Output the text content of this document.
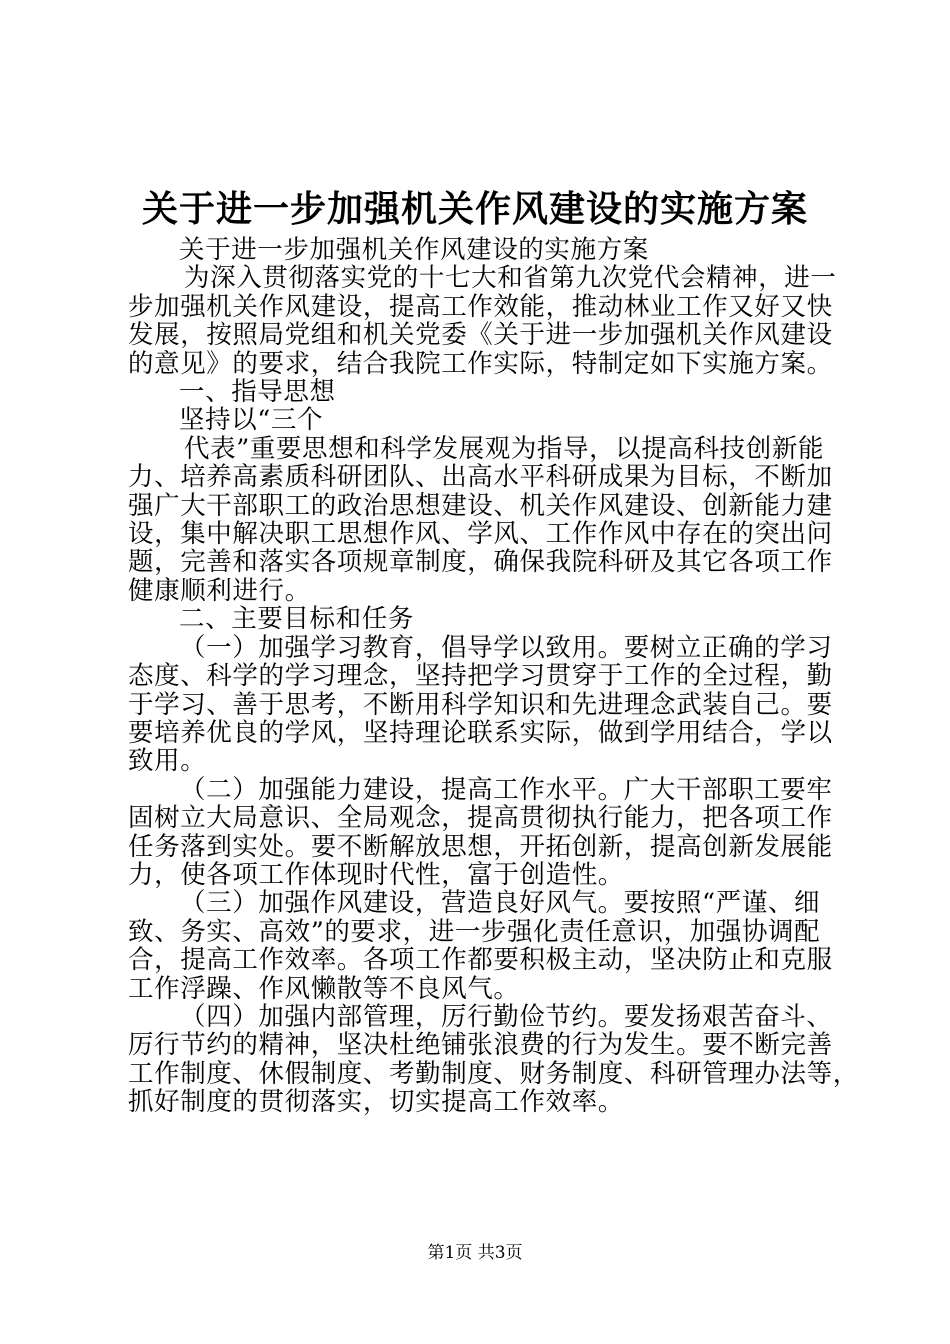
关于进一步加强机关作风建设的实施方案
关于进一步加强机关作风建设的实施方案
为深入贯彻落实党的十七大和省第九次党代会精神，进一
步加强机关作风建设，提高工作效能，推动林业工作又好又快
发展，按照局党组和机关党委《关于进一步加强机关作风建设
的意见》的要求，结合我院工作实际，特制定如下实施方案。
一、指导思想
坚持以“三个
代表”重要思想和科学发展观为指导，以提高科技创新能
力、培养高素质科研团队、出高水平科研成果为目标，不断加
强广大干部职工的政治思想建设、机关作风建设、创新能力建
设，集中解决职工思想作风、学风、工作作风中存在的突出问
题，完善和落实各项规章制度，确保我院科研及其它各项工作
健康顺利进行。
二、主要目标和任务
（一）加强学习教育，倡导学以致用。要树立正确的学习
态度、科学的学习理念，坚持把学习贯穿于工作的全过程，勤
于学习、善于思考，不断用科学知识和先进理念武装自己。要
要培养优良的学风，坚持理论联系实际，做到学用结合，学以
致用。
（二）加强能力建设，提高工作水平。广大干部职工要牢
固树立大局意识、全局观念，提高贯彻执行能力，把各项工作
任务落到实处。要不断解放思想，开拓创新，提高创新发展能
力，使各项工作体现时代性，富于创造性。
（三）加强作风建设，营造良好风气。要按照“严谨、细
致、务实、高效”的要求，进一步强化责任意识，加强协调配
合，提高工作效率。各项工作都要积极主动，坚决防止和克服
工作浮躁、作风懒散等不良风气。
（四）加强内部管理，厉行勤俭节约。要发扬艰苦奋斗、
厉行节约的精神，坚决杜绝铺张浪费的行为发生。要不断完善
工作制度、休假制度、考勤制度、财务制度、科研管理办法等，
抓好制度的贯彻落实，切实提高工作效率。
第1页 共3页
